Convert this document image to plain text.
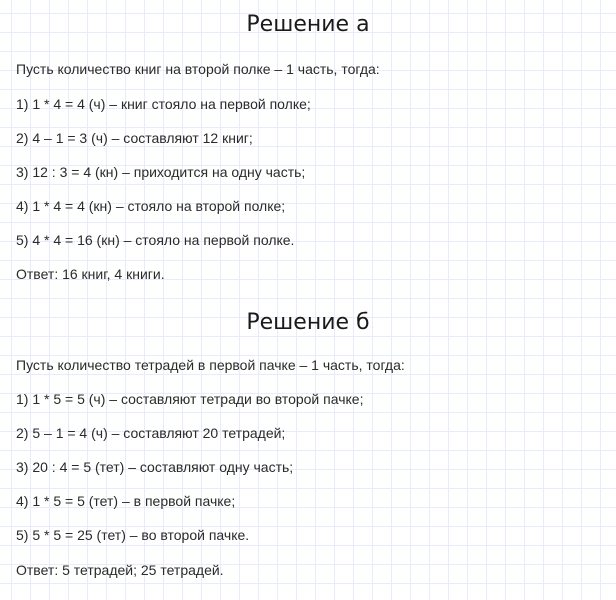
Решение а
Пусть количество книг на второй полке – 1 часть, тогда:
1) 1 * 4 = 4 (ч) – книг стояло на первой полке;
2) 4 – 1 = 3 (ч) – составляют 12 книг;
3) 12 : 3 = 4 (кн) – приходится на одну часть;
4) 1 * 4 = 4 (кн) – стояло на второй полке;
5) 4 * 4 = 16 (кн) – стояло на первой полке.
Ответ: 16 книг, 4 книги.
Решение б
Пусть количество тетрадей в первой пачке – 1 часть, тогда:
1) 1 * 5 = 5 (ч) – составляют тетради во второй пачке;
2) 5 – 1 = 4 (ч) – составляют 20 тетрадей;
3) 20 : 4 = 5 (тет) – составляют одну часть;
4) 1 * 5 = 5 (тет) – в первой пачке;
5) 5 * 5 = 25 (тет) – во второй пачке.
Ответ: 5 тетрадей; 25 тетрадей.
